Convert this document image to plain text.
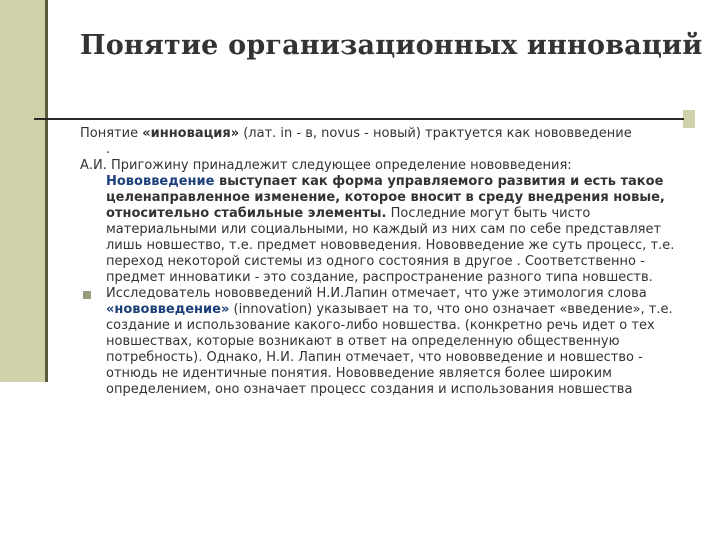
Понятие организационных инноваций

Понятие «инновация» (лат. in - в, novus - новый) трактуется как нововведение

.

А.И. Пригожину принадлежит следующее определение нововведения:

Нововведение выступает как форма управляемого развития и есть такое целенаправленное изменение, которое вносит в среду внедрения новые, относительно стабильные элементы. Последние могут быть чисто материальными или социальными, но каждый из них сам по себе представляет лишь новшество, т.е. предмет нововведения. Нововведение же суть процесс, т.е. переход некоторой системы из одного состояния в другое . Соответственно - предмет инноватики - это создание, распространение разного типа новшеств.
Исследователь нововведений Н.И.Лапин отмечает, что уже этимология слова «нововведение» (innovation) указывает на то, что оно означает «введение», т.е. создание и использование какого-либо новшества. (конкретно речь идет о тех новшествах, которые возникают в ответ на определенную общественную потребность). Однако, Н.И. Лапин отмечает, что нововведение и новшество - отнюдь не идентичные понятия. Нововведение является более широким определением, оно означает процесс создания и использования новшества
